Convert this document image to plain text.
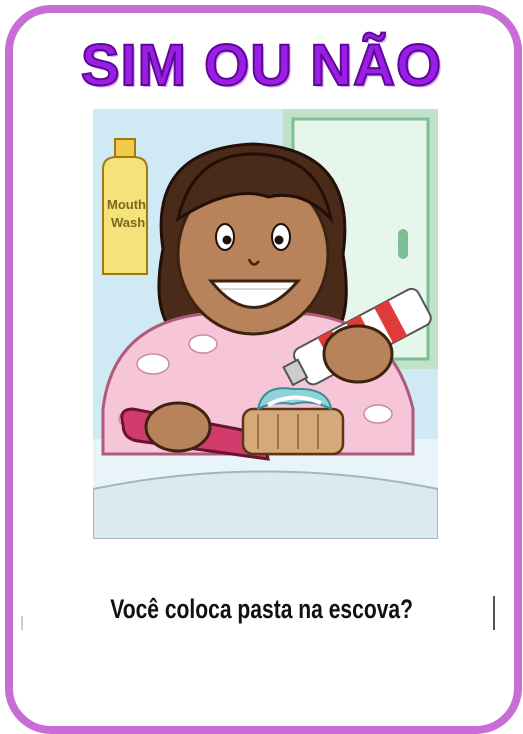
SIM OU NÃO
Mouth
Wash

Você coloca pasta na escova?
